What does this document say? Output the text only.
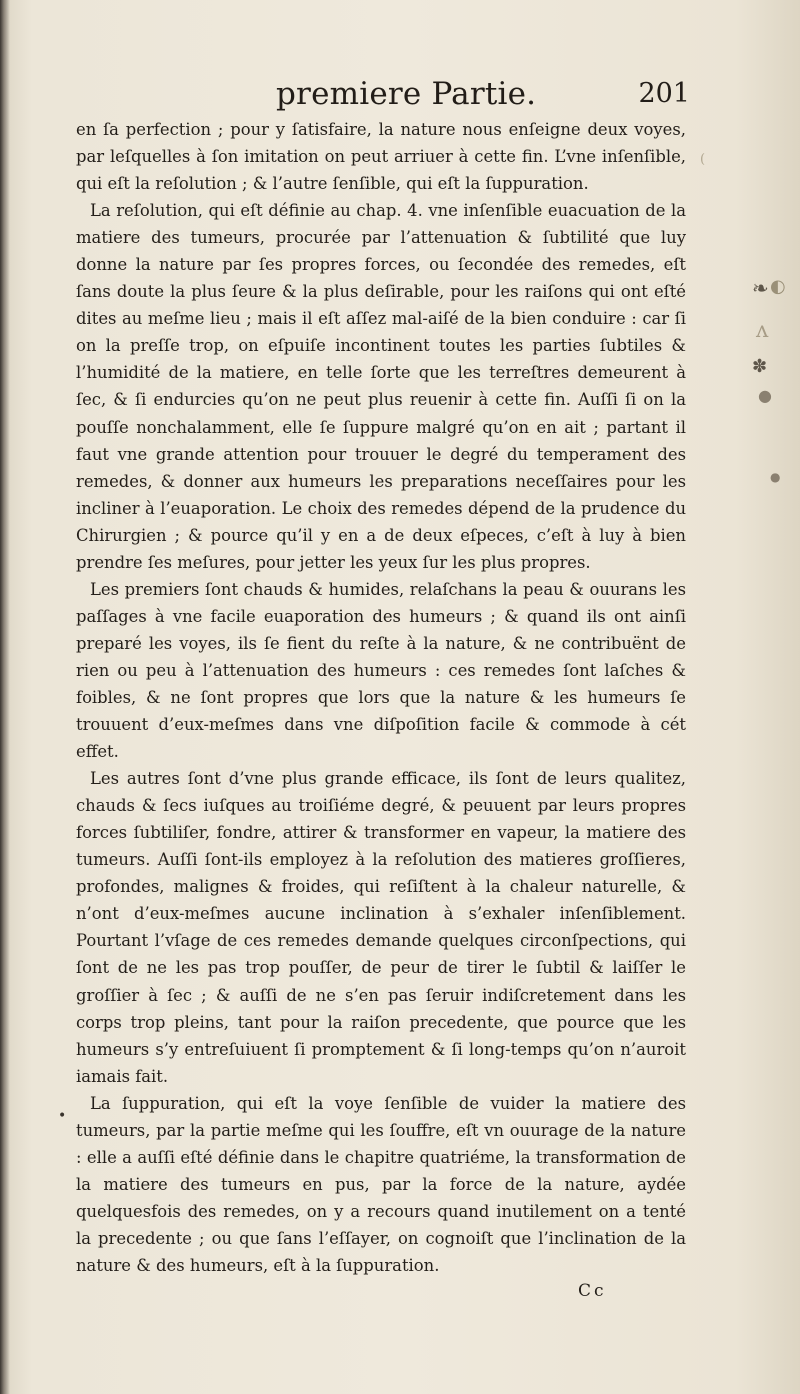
premiere Partie.	201

en ſa perfection ; pour y ſatisfaire, la nature nous enſeigne deux voyes, par leſquelles à ſon imitation on peut arriuer à cette fin. L’vne inſenſible, qui eſt la reſolution ; & l’autre ſenſible, qui eſt la ſuppuration.

La reſolution, qui eſt définie au chap. 4. vne inſenſible euacuation de la matiere des tumeurs, procurée par l’attenuation & ſubtilité que luy donne la nature par ſes propres forces, ou ſecondée des remedes, eſt ſans doute la plus ſeure & la plus deſirable, pour les raiſons qui ont eſté dites au meſme lieu ; mais il eſt aſſez mal-aiſé de la bien conduire : car ſi on la preſſe trop, on eſpuiſe incontinent toutes les parties ſubtiles & l’humidité de la matiere, en telle ſorte que les terreſtres demeurent à ſec, & ſi endurcies qu’on ne peut plus reuenir à cette fin. Auſſi ſi on la pouſſe nonchalamment, elle ſe ſuppure malgré qu’on en ait ; partant il faut vne grande attention pour trouuer le degré du temperament des remedes, & donner aux humeurs les preparations neceſſaires pour les incliner à l’euaporation. Le choix des remedes dépend de la prudence du Chirurgien ; & pource qu’il y en a de deux eſpeces, c’eſt à luy à bien prendre ſes meſures, pour jetter les yeux ſur les plus propres.

Les premiers ſont chauds & humides, relaſchans la peau & ouurans les paſſages à vne facile euaporation des humeurs ; & quand ils ont ainſi preparé les voyes, ils ſe fient du reſte à la nature, & ne contribuënt de rien ou peu à l’attenuation des humeurs : ces remedes ſont laſches & foibles, & ne ſont propres que lors que la nature & les humeurs ſe trouuent d’eux-meſmes dans vne diſpoſition facile & commode à cét effet.

Les autres ſont d’vne plus grande efficace, ils ſont de leurs qualitez, chauds & ſecs iuſques au troiſiéme degré, & peuuent par leurs propres forces ſubtiliſer, fondre, attirer & transformer en vapeur, la matiere des tumeurs. Auſſi ſont-ils employez à la reſolution des matieres groſſieres, profondes, malignes & froides, qui reſiſtent à la chaleur naturelle, & n’ont d’eux-meſmes aucune inclination à s’exhaler inſenſiblement. Pourtant l’vſage de ces remedes demande quelques circonſpections, qui ſont de ne les pas trop pouſſer, de peur de tirer le ſubtil & laiſſer le groſſier à ſec ; & auſſi de ne s’en pas ſeruir indiſcretement dans les corps trop pleins, tant pour la raiſon precedente, que pource que les humeurs s’y entreſuiuent ſi promptement & ſi long-temps qu’on n’auroit iamais fait.

La ſuppuration, qui eſt la voye ſenſible de vuider la matiere des tumeurs, par la partie meſme qui les ſouffre, eſt vn ouurage de la nature : elle a auſſi eſté définie dans le chapitre quatriéme, la transformation de la matiere des tumeurs en pus, par la force de la nature, aydée quelquesfois des remedes, on y a recours quand inutilement on a tenté la precedente ; ou que ſans l’eſſayer, on cognoiſt que l’inclination de la nature & des humeurs, eſt à la ſuppuration.

Cc
❧ ◐
ʌ
✽
●
●
(
•
